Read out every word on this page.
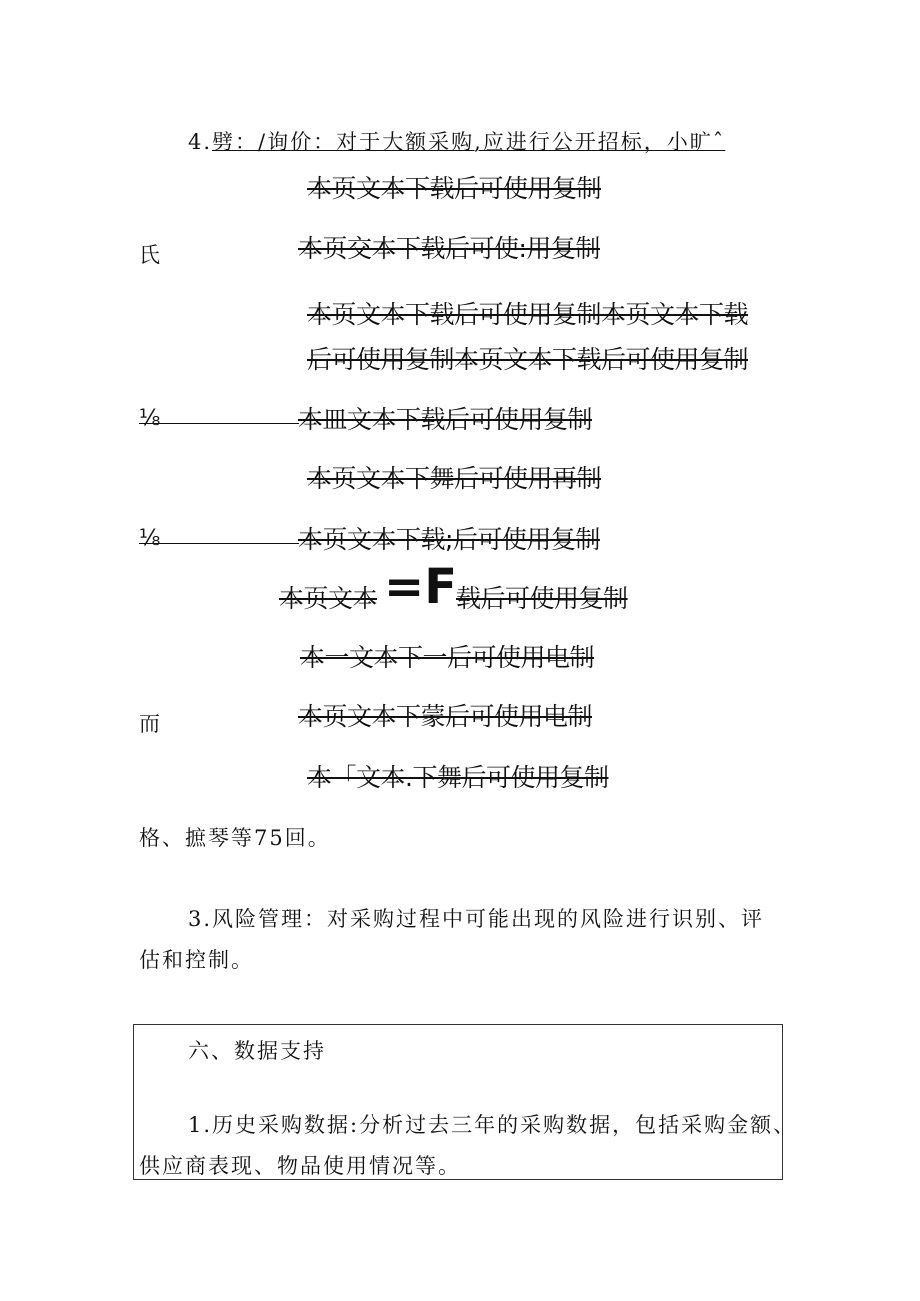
4.劈：/询价：对于大额采购,应进行公开招标，小旷ˆ
本页文本下载后可使用复制
氏	本页交本下载后可使:用复制
本页文本下载后可使用复制本页文本下载
后可使用复制本页文本下载后可使用复制
⅛	本皿文本下载后可使用复制
本页文本下舞后可使用再制
⅛	本页文本下载;后可使用复制
本页文本 =F
载后可使用复制
本一文本下一后可使用电制
而	本页文本下蒙后可使用电制
本「文本.下舞后可使用复制
格、摭琴等75回。
3.风险管理：对采购过程中可能出现的风险进行识别、评
估和控制。
六、数据支持
1.历史采购数据:分析过去三年的采购数据，包括采购金额、
供应商表现、物品使用情况等。
